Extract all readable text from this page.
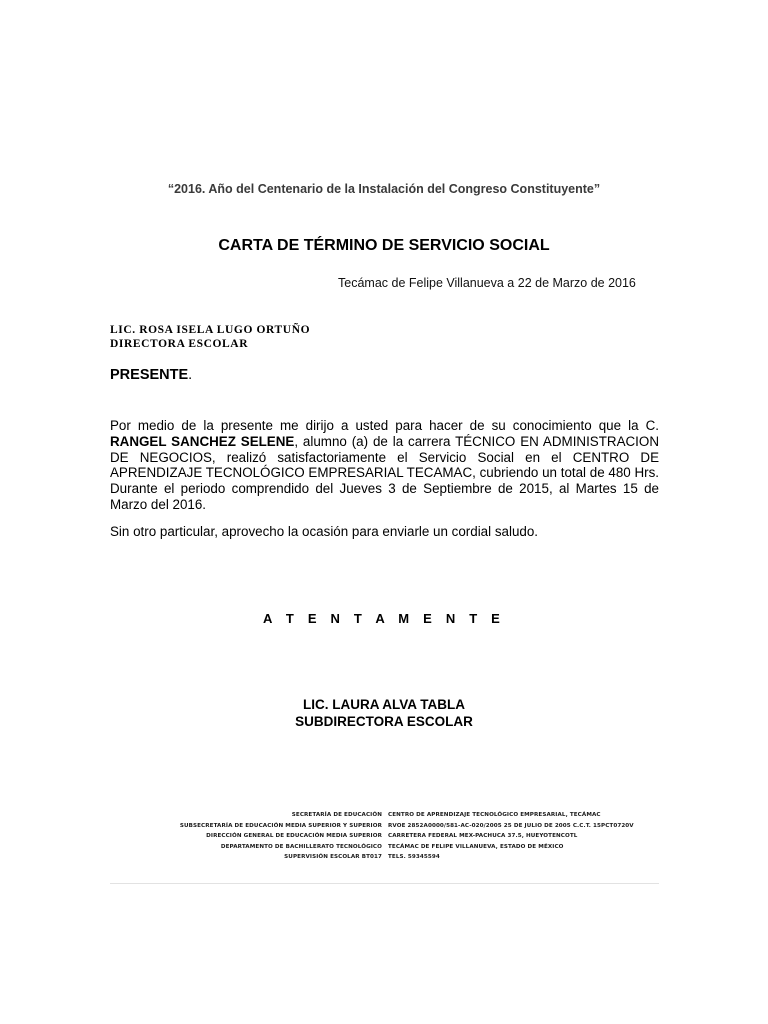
“2016. Año del Centenario de la Instalación del Congreso Constituyente”
CARTA DE TÉRMINO DE SERVICIO SOCIAL
Tecámac de Felipe Villanueva a 22 de Marzo de 2016
LIC. ROSA ISELA LUGO ORTUÑO
DIRECTORA ESCOLAR
PRESENTE.
Por medio de la presente me dirijo a usted para hacer de su conocimiento que la C. RANGEL SANCHEZ SELENE, alumno (a) de la carrera TÉCNICO EN ADMINISTRACION DE NEGOCIOS, realizó satisfactoriamente el Servicio Social en el CENTRO DE APRENDIZAJE TECNOLÓGICO EMPRESARIAL TECAMAC, cubriendo un total de 480 Hrs. Durante el periodo comprendido del Jueves 3 de Septiembre de 2015, al Martes 15 de Marzo del 2016.
Sin otro particular, aprovecho la ocasión para enviarle un cordial saludo.
A T E N T A M E N T E
LIC. LAURA ALVA TABLA
SUBDIRECTORA ESCOLAR
SECRETARÍA DE EDUCACIÓN
SUBSECRETARÍA DE EDUCACIÓN MEDIA SUPERIOR Y SUPERIOR
DIRECCIÓN GENERAL DE EDUCACIÓN MEDIA SUPERIOR
DEPARTAMENTO DE BACHILLERATO TECNOLÓGICO
SUPERVISIÓN ESCOLAR BT017
CENTRO DE APRENDIZAJE TECNOLÓGICO EMPRESARIAL, TECÁMAC
RVOE 2852A0000/581-AC-020/2005 25 DE JULIO DE 2005 C.C.T. 15PCT0720V
CARRETERA FEDERAL MEX-PACHUCA 37.5, HUEYOTENCOTL
TECÁMAC DE FELIPE VILLANUEVA, ESTADO DE MÉXICO
TELS. 59345594
